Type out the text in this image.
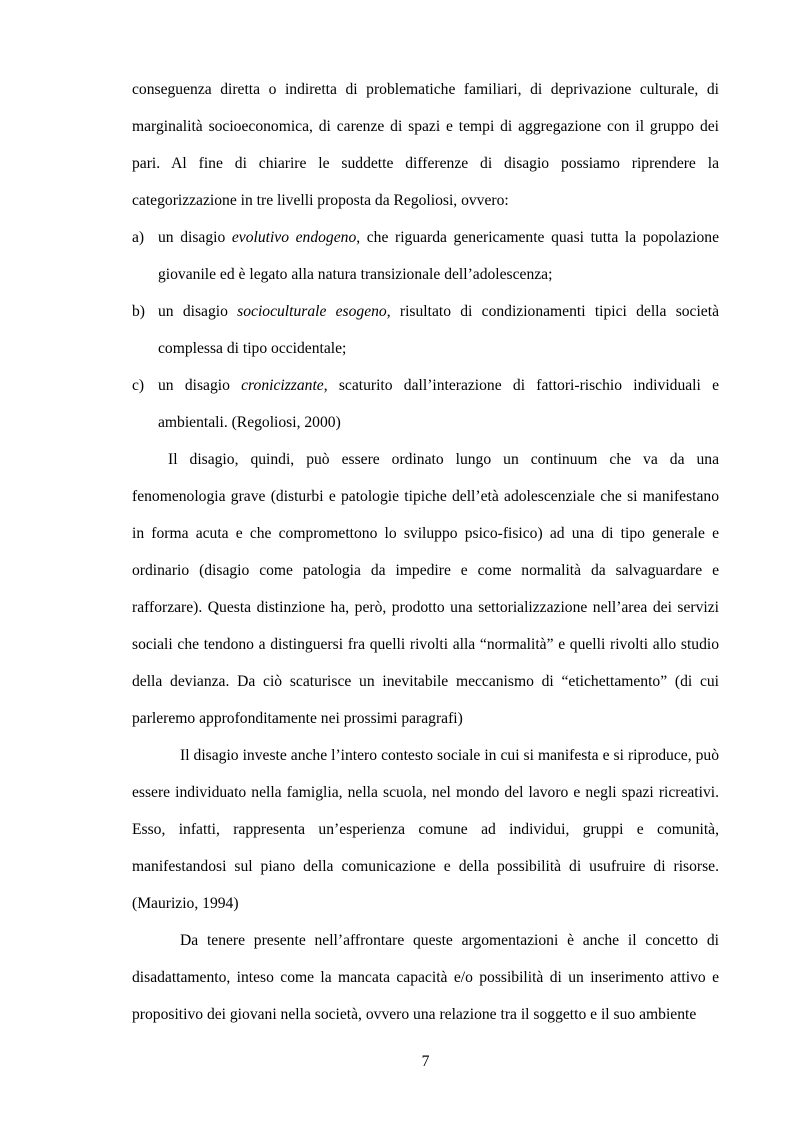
conseguenza diretta o indiretta di problematiche familiari, di deprivazione culturale, di marginalità socioeconomica, di carenze di spazi e tempi di aggregazione con il gruppo dei pari. Al fine di chiarire le suddette differenze di disagio possiamo riprendere la categorizzazione in tre livelli proposta da Regoliosi, ovvero:

a) un disagio evolutivo endogeno, che riguarda genericamente quasi tutta la popolazione giovanile ed è legato alla natura transizionale dell’adolescenza;
b) un disagio socioculturale esogeno, risultato di condizionamenti tipici della società complessa di tipo occidentale;
c) un disagio cronicizzante, scaturito dall’interazione di fattori-rischio individuali e ambientali. (Regoliosi, 2000)

Il disagio, quindi, può essere ordinato lungo un continuum che va da una fenomenologia grave (disturbi e patologie tipiche dell’età adolescenziale che si manifestano in forma acuta e che compromettono lo sviluppo psico-fisico) ad una di tipo generale e ordinario (disagio come patologia da impedire e come normalità da salvaguardare e rafforzare). Questa distinzione ha, però, prodotto una settorializzazione nell’area dei servizi sociali che tendono a distinguersi fra quelli rivolti alla “normalità” e quelli rivolti allo studio della devianza. Da ciò scaturisce un inevitabile meccanismo di “etichettamento” (di cui parleremo approfonditamente nei prossimi paragrafi)

Il disagio investe anche l’intero contesto sociale in cui si manifesta e si riproduce, può essere individuato nella famiglia, nella scuola, nel mondo del lavoro e negli spazi ricreativi. Esso, infatti, rappresenta un’esperienza comune ad individui, gruppi e comunità, manifestandosi sul piano della comunicazione e della possibilità di usufruire di risorse. (Maurizio, 1994)

Da tenere presente nell’affrontare queste argomentazioni è anche il concetto di disadattamento, inteso come la mancata capacità e/o possibilità di un inserimento attivo e propositivo dei giovani nella società, ovvero una relazione tra il soggetto e il suo ambiente

7
